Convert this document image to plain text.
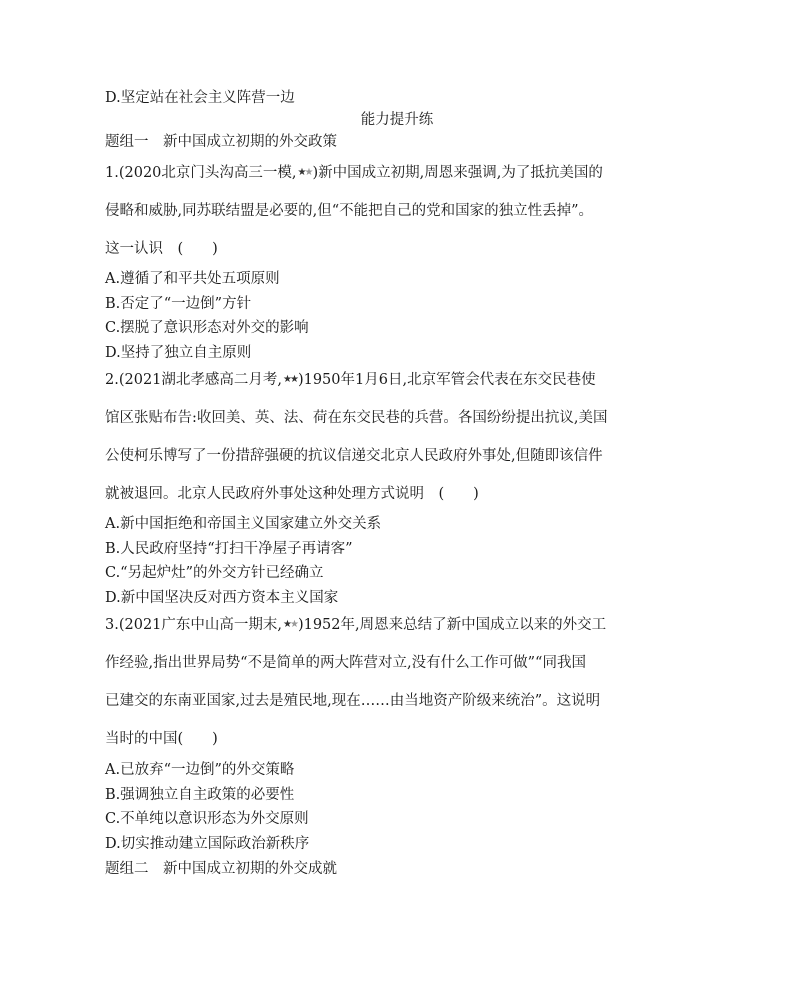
D.坚定站在社会主义阵营一边
能力提升练
题组一　新中国成立初期的外交政策
1.(2020北京门头沟高三一模,★★)新中国成立初期,周恩来强调,为了抵抗美国的
侵略和威胁,同苏联结盟是必要的,但“不能把自己的党和国家的独立性丢掉”。
这一认识　(　　)
A.遵循了和平共处五项原则
B.否定了“一边倒”方针
C.摆脱了意识形态对外交的影响
D.坚持了独立自主原则
2.(2021湖北孝感高二月考,★★)1950年1月6日,北京军管会代表在东交民巷使
馆区张贴布告:收回美、英、法、荷在东交民巷的兵营。各国纷纷提出抗议,美国
公使柯乐博写了一份措辞强硬的抗议信递交北京人民政府外事处,但随即该信件
就被退回。北京人民政府外事处这种处理方式说明　(　　)
A.新中国拒绝和帝国主义国家建立外交关系
B.人民政府坚持“打扫干净屋子再请客”
C.“另起炉灶”的外交方针已经确立
D.新中国坚决反对西方资本主义国家
3.(2021广东中山高一期末,★★)1952年,周恩来总结了新中国成立以来的外交工
作经验,指出世界局势“不是简单的两大阵营对立,没有什么工作可做”“同我国
已建交的东南亚国家,过去是殖民地,现在……由当地资产阶级来统治”。这说明
当时的中国(　　)
A.已放弃“一边倒”的外交策略
B.强调独立自主政策的必要性
C.不单纯以意识形态为外交原则
D.切实推动建立国际政治新秩序
题组二　新中国成立初期的外交成就
